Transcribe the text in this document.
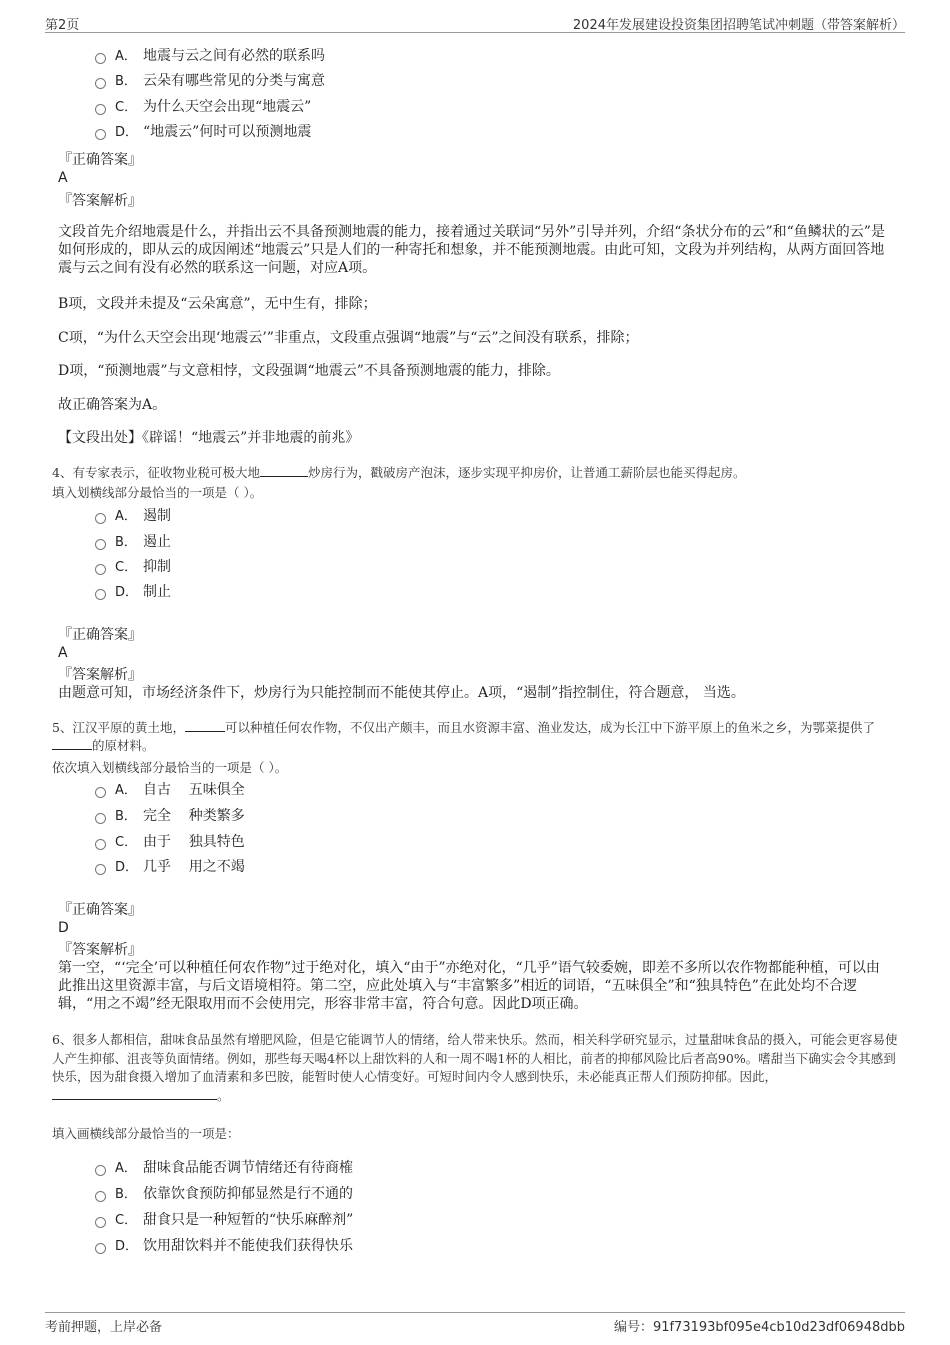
第2页	2024年发展建设投资集团招聘笔试冲刺题（带答案解析）
A． 地震与云之间有必然的联系吗
B． 云朵有哪些常见的分类与寓意
C． 为什么天空会出现“地震云”
D． “地震云”何时可以预测地震
『正确答案』
A
『答案解析』
文段首先介绍地震是什么，并指出云不具备预测地震的能力，接着通过关联词“另外”引导并列，介绍“条状分布的云”和“鱼鳞状的云”是如何形成的，即从云的成因阐述“地震云”只是人们的一种寄托和想象，并不能预测地震。由此可知，文段为并列结构，从两方面回答地震与云之间有没有必然的联系这一问题，对应A项。
B项，文段并未提及“云朵寓意”，无中生有，排除；
C项，“为什么天空会出现‘地震云’”非重点，文段重点强调“地震”与“云”之间没有联系，排除；
D项，“预测地震”与文意相悖，文段强调“地震云”不具备预测地震的能力，排除。
故正确答案为A。
【文段出处】《辟谣！“地震云”并非地震的前兆》
4、有专家表示，征收物业税可极大地	炒房行为，戳破房产泡沫，逐步实现平抑房价，让普通工薪阶层也能买得起房。
填入划横线部分最恰当的一项是（ ）。
A． 遏制
B． 遏止
C． 抑制
D． 制止
『正确答案』
A
『答案解析』
由题意可知，市场经济条件下，炒房行为只能控制而不能使其停止。A项，“遏制”指控制住，符合题意， 当选。
5、江汉平原的黄土地，	可以种植任何农作物，不仅出产颇丰，而且水资源丰富、渔业发达，成为长江中下游平原上的鱼米之乡，为鄂菜提供了的原材料。
依次填入划横线部分最恰当的一项是（ ）。
A． 自古    五味俱全
B． 完全    种类繁多
C． 由于    独具特色
D． 几乎    用之不竭
『正确答案』
D
『答案解析』
第一空，“‘完全’可以种植任何农作物”过于绝对化，填入“由于”亦绝对化，“几乎”语气较委婉，即差不多所以农作物都能种植，可以由此推出这里资源丰富，与后文语境相符。第二空，应此处填入与“丰富繁多”相近的词语，“五味俱全”和“独具特色”在此处均不合逻辑，“用之不竭”经无限取用而不会使用完，形容非常丰富，符合句意。因此D项正确。
6、很多人都相信，甜味食品虽然有增肥风险，但是它能调节人的情绪，给人带来快乐。然而，相关科学研究显示，过量甜味食品的摄入，可能会更容易使人产生抑郁、沮丧等负面情绪。例如，那些每天喝4杯以上甜饮料的人和一周不喝1杯的人相比，前者的抑郁风险比后者高90%。嗜甜当下确实会令其感到快乐，因为甜食摄入增加了血清素和多巴胺，能暂时使人心情变好。可短时间内令人感到快乐，未必能真正帮人们预防抑郁。因此，。
填入画横线部分最恰当的一项是：
A． 甜味食品能否调节情绪还有待商榷
B． 依靠饮食预防抑郁显然是行不通的
C． 甜食只是一种短暂的“快乐麻醉剂”
D． 饮用甜饮料并不能使我们获得快乐
考前押题，上岸必备	编号：91f73193bf095e4cb10d23df06948dbb
